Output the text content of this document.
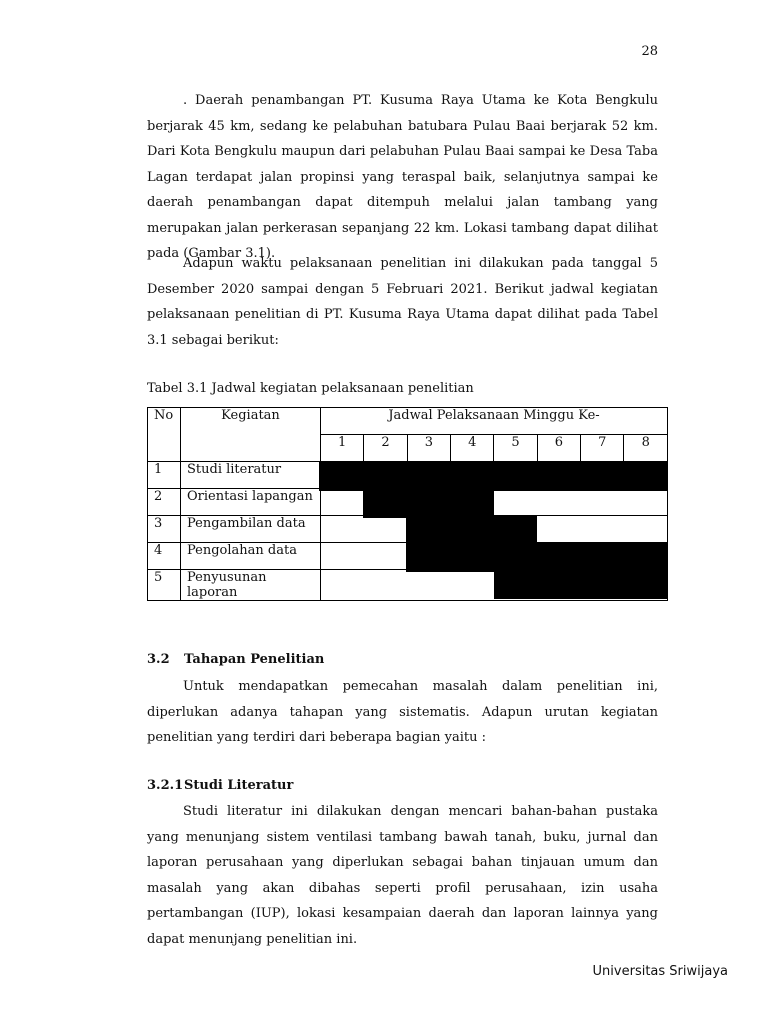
28

. Daerah penambangan PT. Kusuma Raya Utama ke Kota Bengkulu berjarak 45 km, sedang ke pelabuhan batubara Pulau Baai berjarak 52 km. Dari Kota Bengkulu maupun dari pelabuhan Pulau Baai sampai ke Desa Taba Lagan terdapat jalan propinsi yang teraspal baik, selanjutnya sampai ke daerah penambangan dapat ditempuh melalui jalan tambang yang merupakan jalan perkerasan sepanjang 22 km. Lokasi tambang dapat dilihat pada (Gambar 3.1).

Adapun waktu pelaksanaan penelitian ini dilakukan pada tanggal 5 Desember 2020 sampai dengan 5 Februari 2021. Berikut jadwal kegiatan pelaksanaan penelitian di PT. Kusuma Raya Utama dapat dilihat pada Tabel 3.1 sebagai berikut:

Tabel 3.1 Jadwal kegiatan pelaksanaan penelitian
No	Kegiatan	Jadwal Pelaksanaan Minggu Ke-							
		1	2	3	4	5	6	7	8
1	Studi literatur								
2	Orientasi lapangan								
3	Pengambilan data								
4	Pengolahan data								
5	Penyusunan laporan								
3.2 Tahapan Penelitian

Untuk mendapatkan pemecahan masalah dalam penelitian ini, diperlukan adanya tahapan yang sistematis. Adapun urutan kegiatan penelitian yang terdiri dari beberapa bagian yaitu :

3.2.1 Studi Literatur

Studi literatur ini dilakukan dengan mencari bahan-bahan pustaka yang menunjang sistem ventilasi tambang bawah tanah, buku, jurnal dan laporan perusahaan yang diperlukan sebagai bahan tinjauan umum dan masalah yang akan dibahas seperti profil perusahaan, izin usaha pertambangan (IUP), lokasi kesampaian daerah dan laporan lainnya yang dapat menunjang penelitian ini.

Universitas Sriwijaya
